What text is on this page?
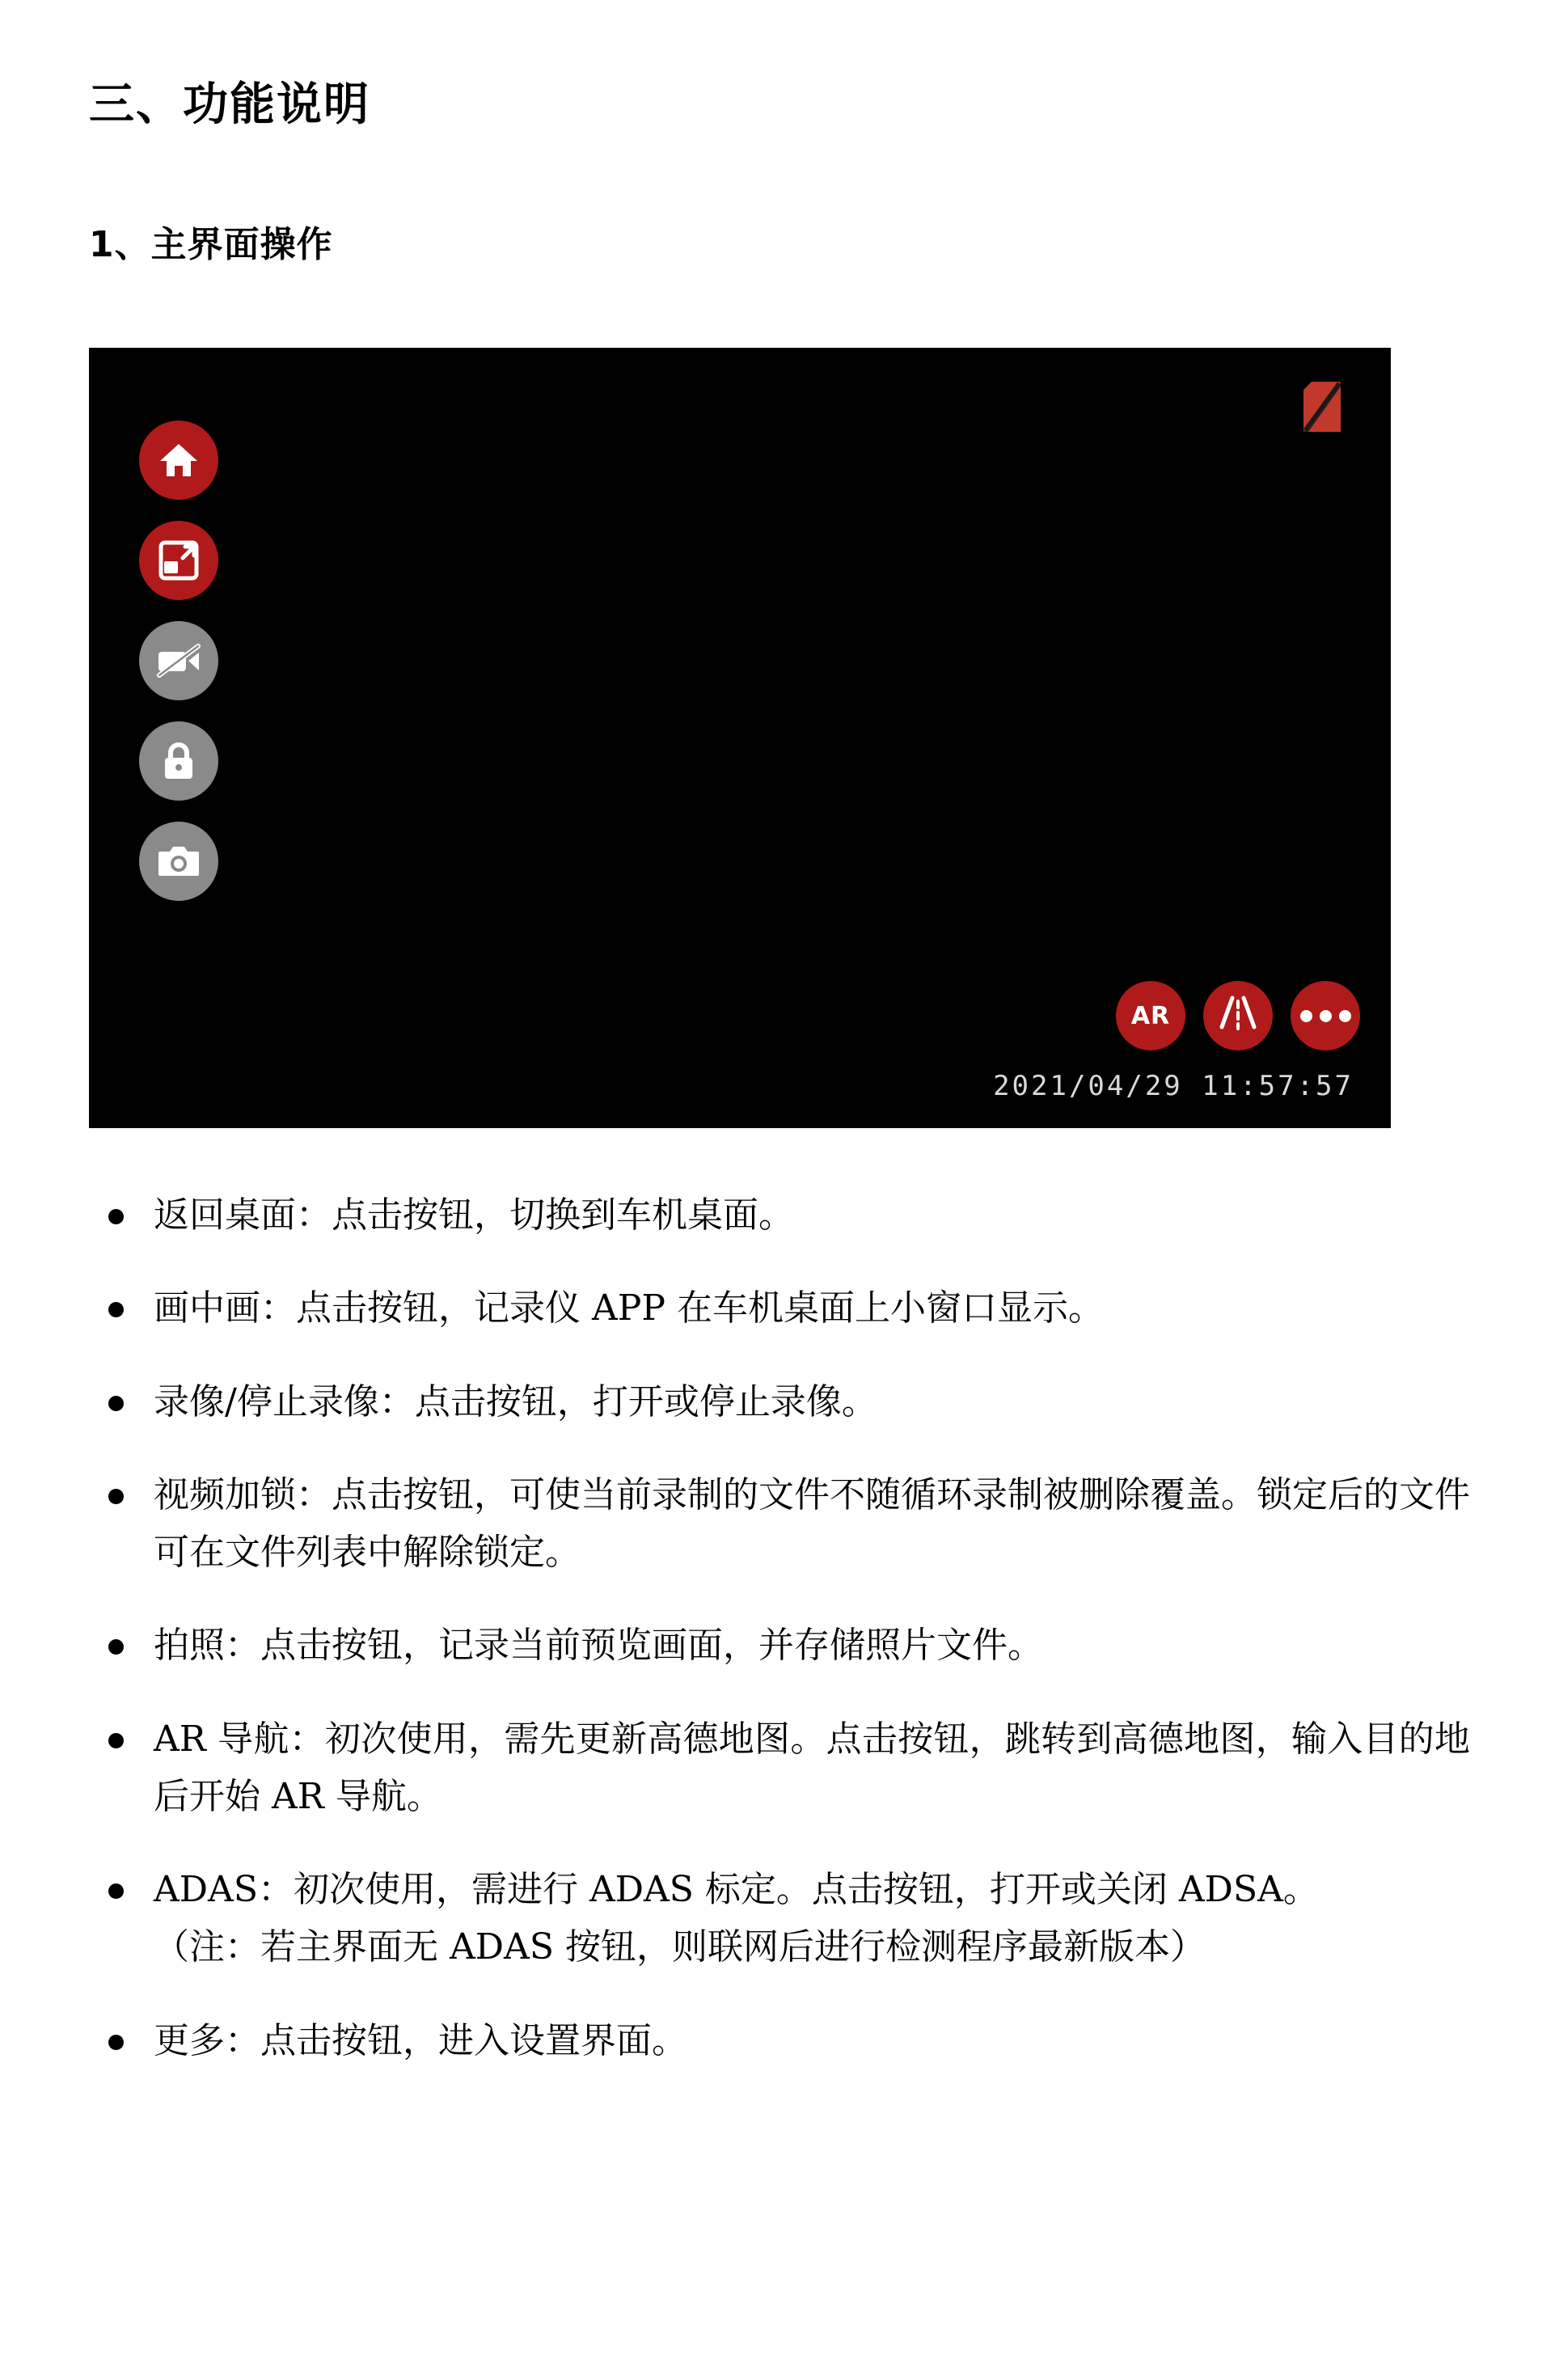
三、功能说明
1、主界面操作
AR
2021/04/29 11:57:57
返回桌面：点击按钮，切换到车机桌面。
画中画：点击按钮，记录仪 APP 在车机桌面上小窗口显示。
录像/停止录像：点击按钮，打开或停止录像。
视频加锁：点击按钮，可使当前录制的文件不随循环录制被删除覆盖。锁定后的文件可在文件列表中解除锁定。
拍照：点击按钮，记录当前预览画面，并存储照片文件。
AR 导航：初次使用，需先更新高德地图。点击按钮，跳转到高德地图，输入目的地后开始 AR 导航。
ADAS：初次使用，需进行 ADAS 标定。点击按钮，打开或关闭 ADSA。
（注：若主界面无 ADAS 按钮，则联网后进行检测程序最新版本）
更多：点击按钮，进入设置界面。
